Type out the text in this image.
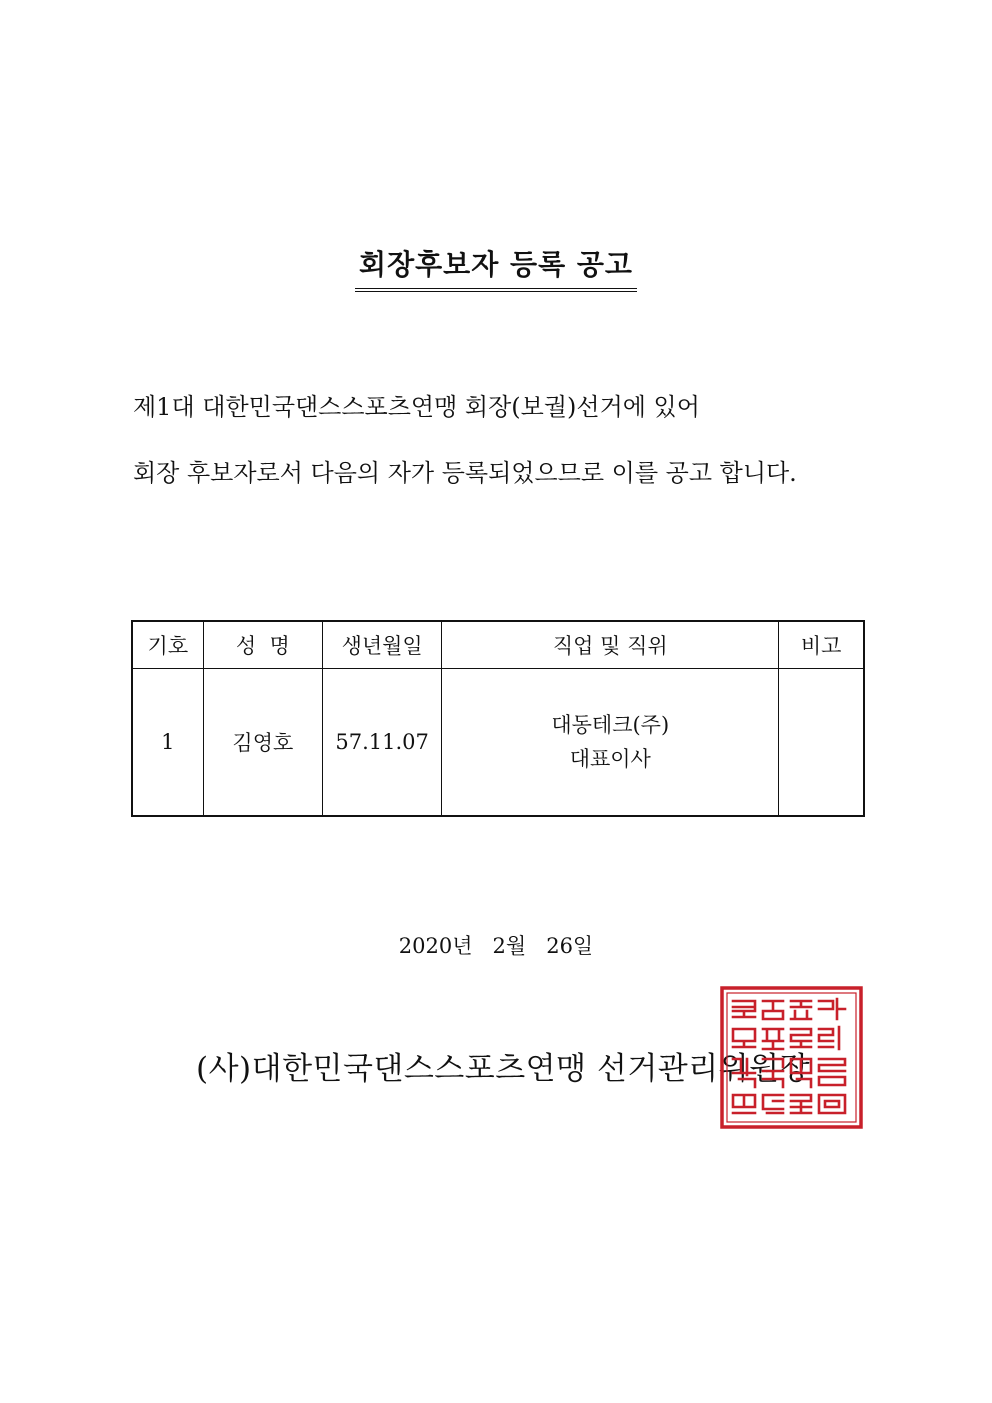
회장후보자 등록 공고
제1대 대한민국댄스스포츠연맹 회장(보궐)선거에 있어
회장 후보자로서 다음의 자가 등록되었으므로 이를 공고 합니다.
기호	성  명	생년월일	직업 및 직위	비고
1	김영호	57.11.07	대동테크(주)
대표이사	

2020년   2월   26일
(사)대한민국댄스스포츠연맹 선거관리위원장
